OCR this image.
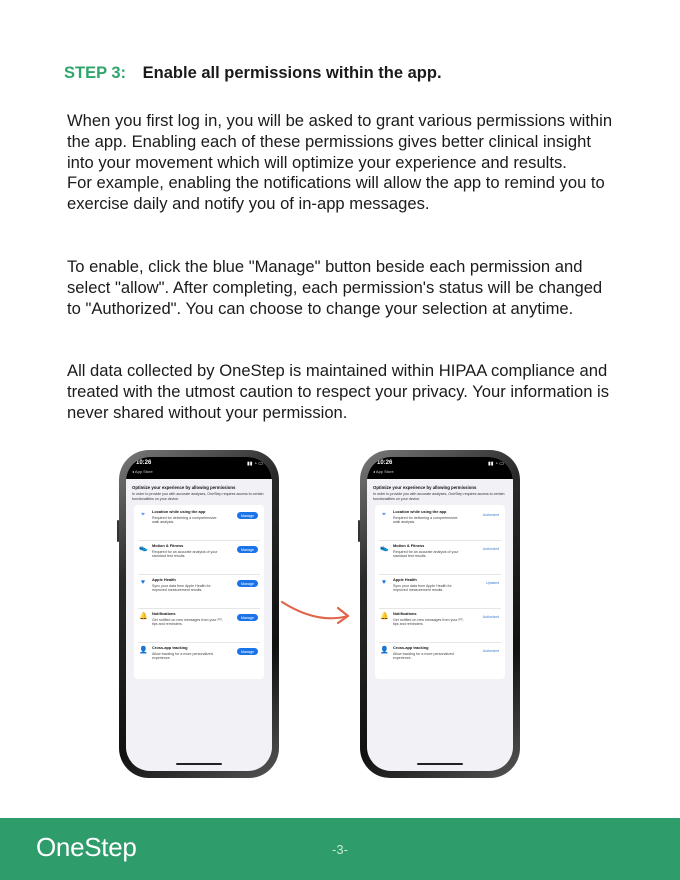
STEP 3: Enable all permissions within the app.
When you first log in, you will be asked to grant various permissions within the app. Enabling each of these permissions gives better clinical insight into your movement which will optimize your experience and results.
For example, enabling the notifications will allow the app to remind you to exercise daily and notify you of in-app messages.
To enable, click the blue "Manage" button beside each permission and select "allow". After completing, each permission's status will be changed to "Authorized". You can choose to change your selection at anytime.
All data collected by OneStep is maintained within HIPAA compliance and treated with the utmost caution to respect your privacy. Your information is never shared without your permission.
10:26
◂ App Store
▮▮ ◔ ▭
Optimize your experience by allowing permissions
In order to provide you with accurate analyses, OneStep requires access to certain functionalities on your device.
⌖	Location while using the app
Required for delivering a comprehensive walk analysis.
Manage
👟 Motion & Fitness
Required for an accurate analysis of your standard test results.
Manage
♥	Apple Health
Sync your data from Apple Health for improved measurement results.
Manage
🔔 Notifications
Get notified on new messages from your PT, tips and reminders.
Manage
👤 Cross-app tracking
Allow tracking for a more personalized experience.
Manage
10:26
◂ App Store
▮▮ ◔ ▭
Optimize your experience by allowing permissions
In order to provide you with accurate analyses, OneStep requires access to certain functionalities on your device.
⌖	Location while using the app
Required for delivering a comprehensive walk analysis.
Authorized
👟 Motion & Fitness
Required for an accurate analysis of your standard test results.
Authorized
♥	Apple Health
Sync your data from Apple Health for improved measurement results.
Updated
🔔 Notifications
Get notified on new messages from your PT, tips and reminders.
Authorized
👤 Cross-app tracking
Allow tracking for a more personalized experience.
Authorized
OneStep	-3-
